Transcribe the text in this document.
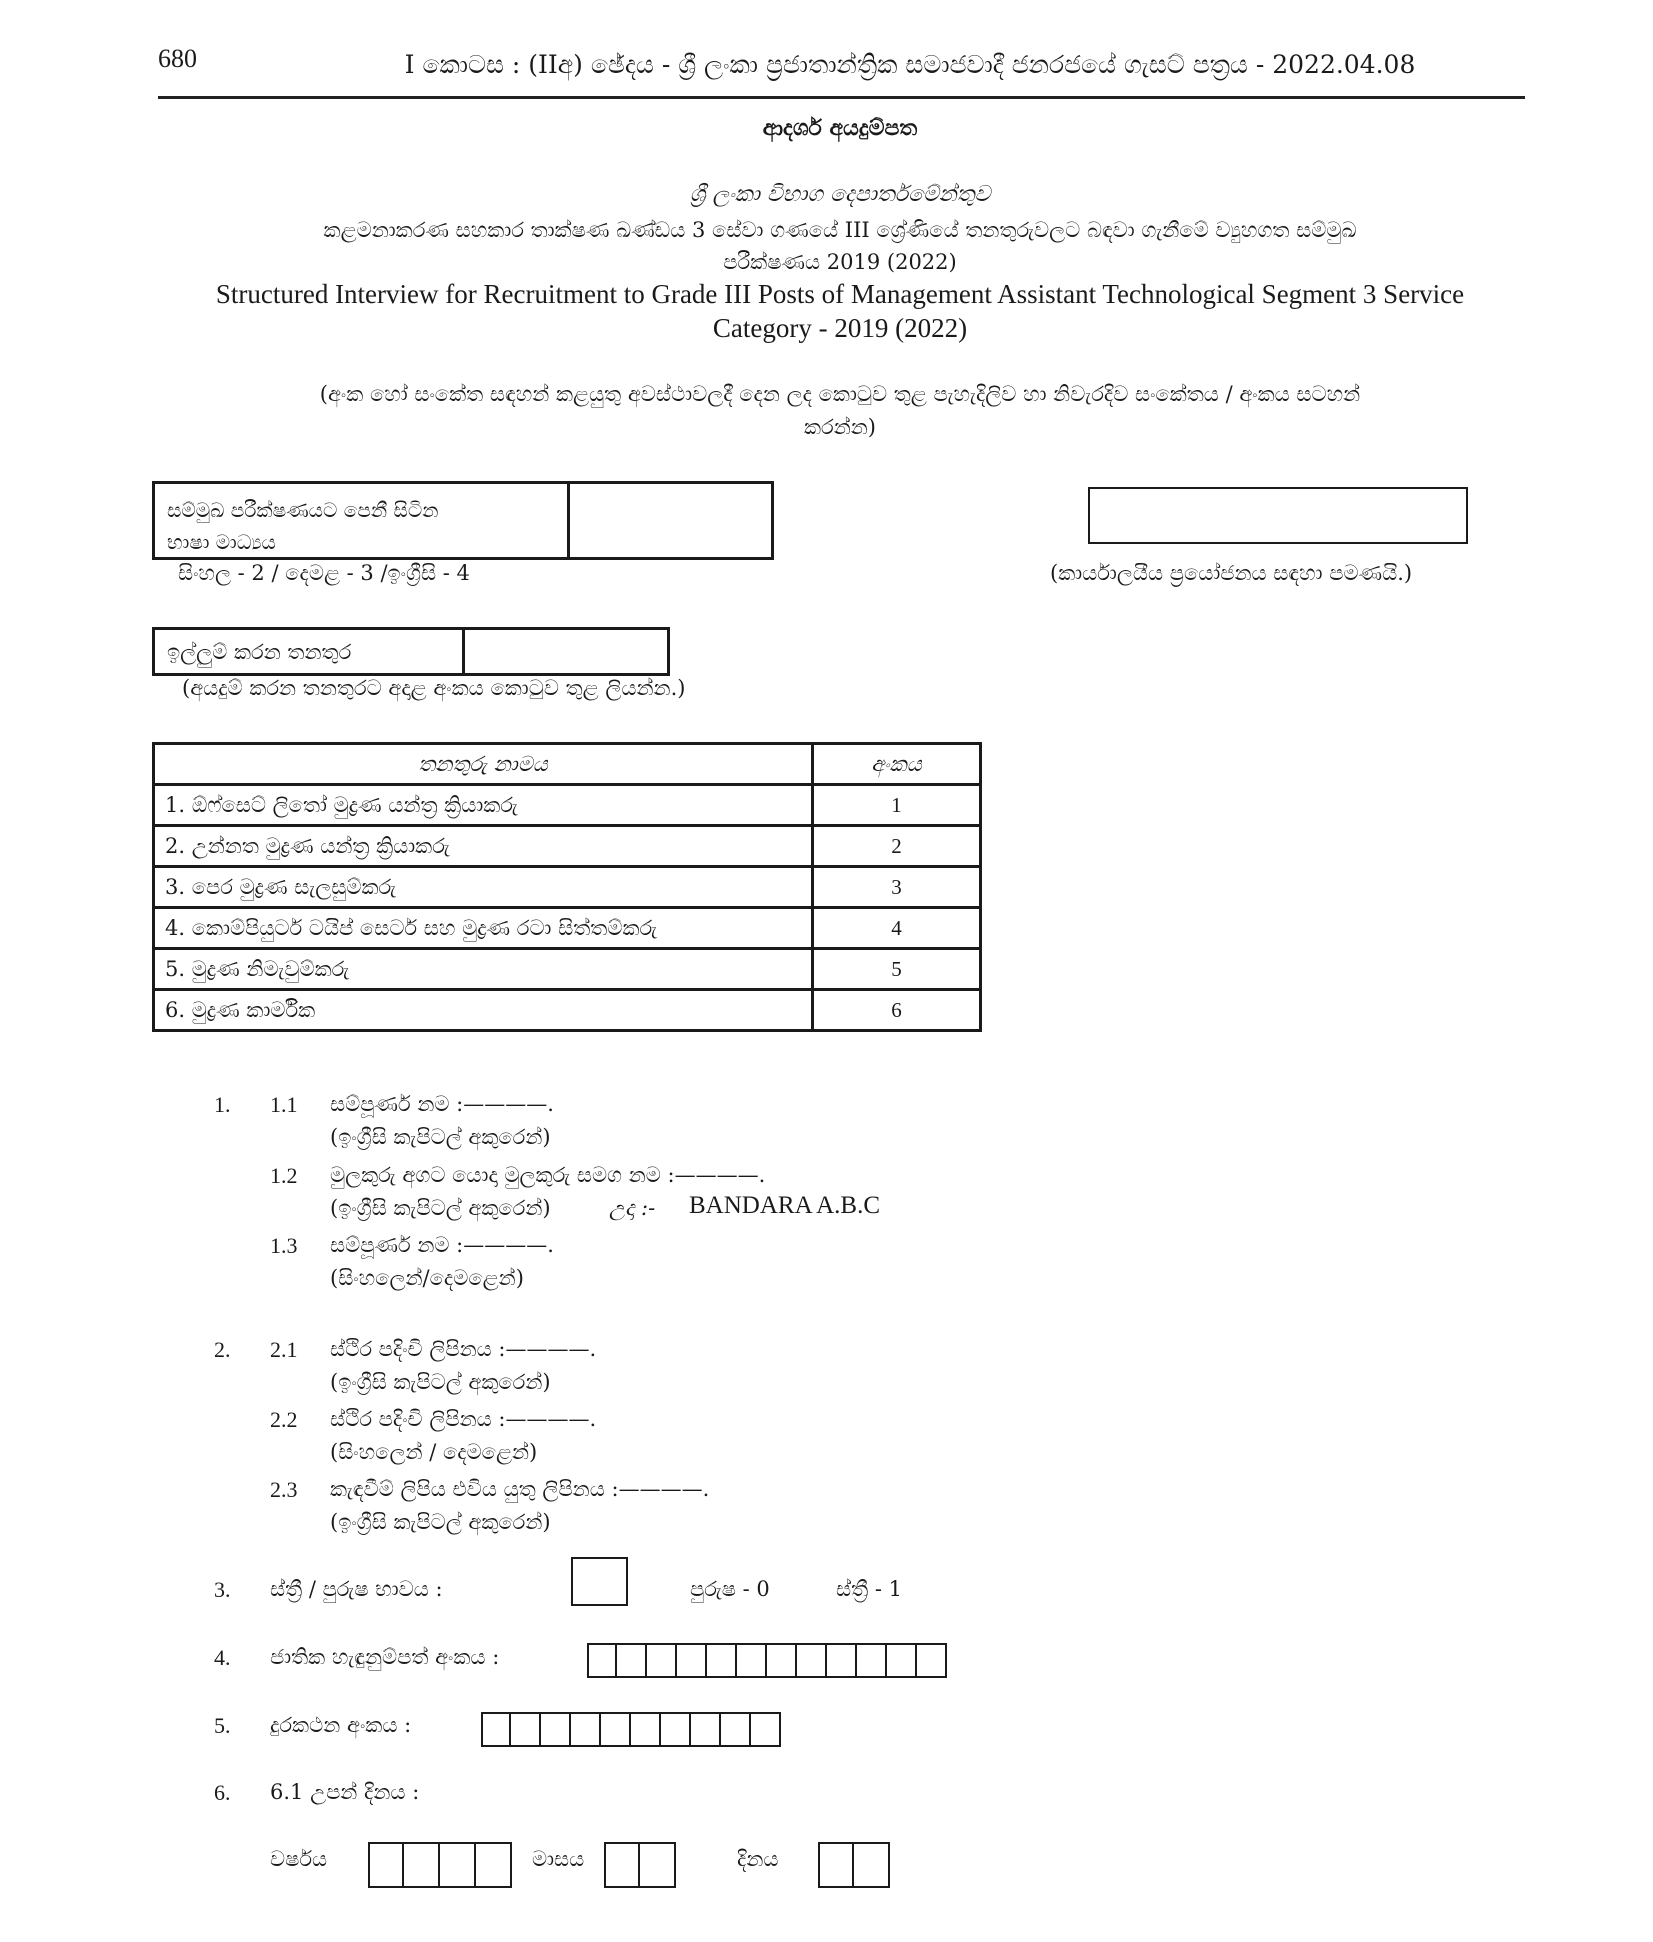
680	I කොටස : (IIඅ) ඡේදය - ශ්‍රී ලංකා ප්‍රජාතාන්ත්‍රික සමාජවාදී ජනරජයේ ගැසට් පත්‍රය - 2022.04.08
ආදර්ශ අයදුම්පත
ශ්‍රී ලංකා විභාග දෙපාර්තමේන්තුව
කළමනාකරණ සහකාර තාක්ෂණ ඛණ්ඩය 3 සේවා ගණයේ III ශ්‍රේණියේ තනතුරුවලට බඳවා ගැනීමේ ව්‍යුහගත සම්මුඛ
පරීක්ෂණය 2019 (2022)
Structured Interview for Recruitment to Grade III Posts of Management Assistant Technological Segment 3 Service
Category - 2019 (2022)
(අංක හෝ සංකේත සඳහන් කළයුතු අවස්ථාවලදී දෙන ලද කොටුව තුළ පැහැදිලිව හා නිවැරදිව සංකේතය / අංකය සටහන්
කරන්න)
සම්මුඛ පරීක්ෂණයට පෙනී සිටින
භාෂා මාධ්‍යය
සිංහල - 2 / දෙමළ - 3 /ඉංග්‍රීසි - 4	(කාර්යාලයීය ප්‍රයෝජනය සඳහා පමණයි.)
ඉල්ලුම් කරන තනතුර
(අයදුම් කරන තනතුරට අදාළ අංකය කොටුව තුළ ලියන්න.)
තනතුරු නාමය	අංකය
1. ඕෆ්සෙට් ලිතෝ මුද්‍රණ යන්ත්‍ර ක්‍රියාකරු	1
2. උන්නත මුද්‍රණ යන්ත්‍ර ක්‍රියාකරු	2
3. පෙර මුද්‍රණ සැලසුම්කරු	3
4. කොම්පියුටර් ටයිප් සෙටර් සහ මුද්‍රණ රටා සිත්තම්කරු	4
5. මුද්‍රණ නිමැවුම්කරු	5
6. මුද්‍රණ කාර්මික	6
1. 1.1 සම්පූර්ණ නම :————.
(ඉංග්‍රීසි කැපිටල් අකුරෙන්)
1.2 මුලකුරු අගට යොදා මුලකුරු සමග නම :————.
(ඉංග්‍රීසි කැපිටල් අකුරෙන්)	උදා :- BANDARA A.B.C
1.3 සම්පූර්ණ නම :————.
(සිංහලෙන්/දෙමළෙන්)
2. 2.1 ස්ථිර පදිංචි ලිපිනය :————.
(ඉංග්‍රීසි කැපිටල් අකුරෙන්)
2.2 ස්ථිර පදිංචි ලිපිනය :————.
(සිංහලෙන් / දෙමළෙන්)
2.3 කැඳවීම් ලිපිය එවිය යුතු ලිපිනය :————.
(ඉංග්‍රීසි කැපිටල් අකුරෙන්)
3. ස්ත්‍රී / පුරුෂ භාවය :	පුරුෂ - 0	ස්ත්‍රී - 1
4. ජාතික හැඳුනුම්පත් අංකය :
5. දුරකථන අංකය :
6. 6.1 උපන් දිනය :
වර්ෂය	මාසය	දිනය
